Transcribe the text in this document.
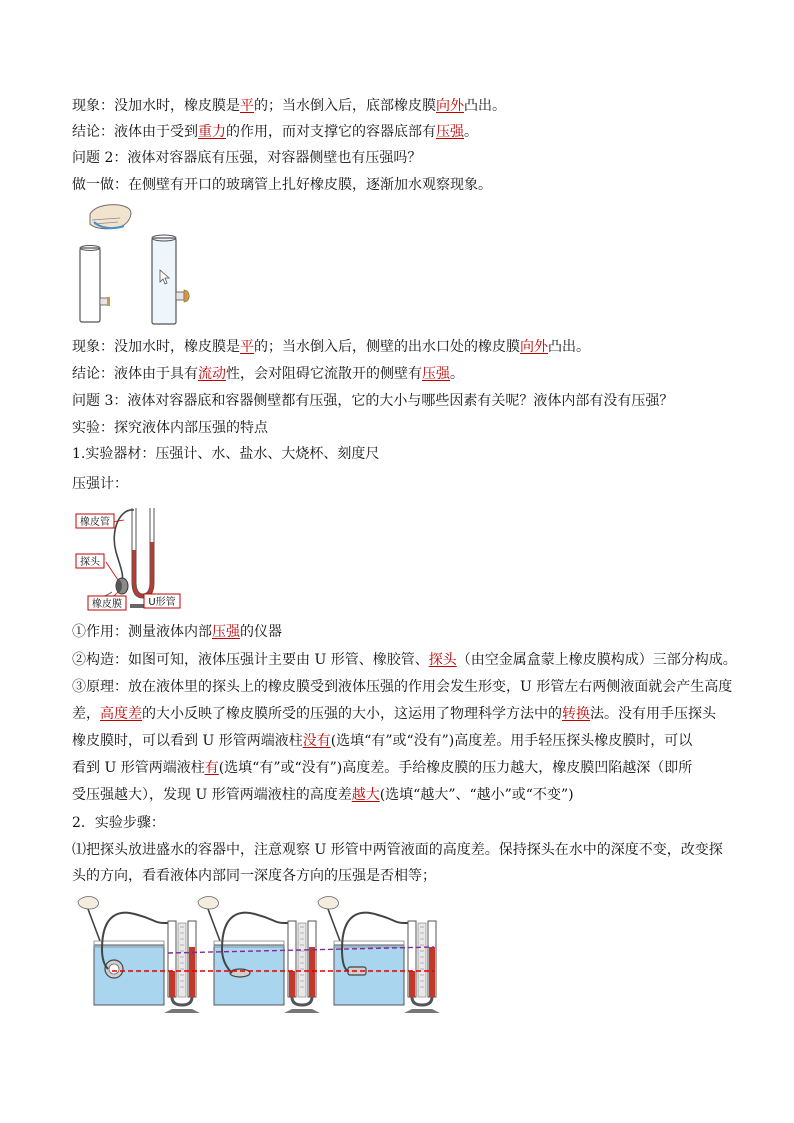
现象：没加水时，橡皮膜是平的；当水倒入后，底部橡皮膜向外凸出。
结论：液体由于受到重力的作用，而对支撑它的容器底部有压强。
问题 2：液体对容器底有压强，对容器侧壁也有压强吗？
做一做：在侧壁有开口的玻璃管上扎好橡皮膜，逐渐加水观察现象。
现象：没加水时，橡皮膜是平的；当水倒入后，侧壁的出水口处的橡皮膜向外凸出。
结论：液体由于具有流动性，会对阻碍它流散开的侧壁有压强。
问题 3：液体对容器底和容器侧壁都有压强，它的大小与哪些因素有关呢？液体内部有没有压强？
实验：探究液体内部压强的特点
1.实验器材：压强计、水、盐水、大烧杯、刻度尺
压强计：
橡皮管
探头
橡皮膜	U形管
①作用：测量液体内部压强的仪器
②构造：如图可知，液体压强计主要由 U 形管、橡胶管、探头（由空金属盒蒙上橡皮膜构成）三部分构成。
③原理：放在液体里的探头上的橡皮膜受到液体压强的作用会发生形变，U 形管左右两侧液面就会产生高度
差，高度差的大小反映了橡皮膜所受的压强的大小，这运用了物理科学方法中的转换法。没有用手压探头
橡皮膜时，可以看到 U 形管两端液柱没有(选填“有”或“没有”)高度差。用手轻压探头橡皮膜时，可以
看到 U 形管两端液柱有(选填“有”或“没有”)高度差。手给橡皮膜的压力越大，橡皮膜凹陷越深（即所
受压强越大），发现 U 形管两端液柱的高度差越大(选填“越大”、“越小”或“不变”)
2．实验步骤：
⑴把探头放进盛水的容器中，注意观察 U 形管中两管液面的高度差。保持探头在水中的深度不变，改变探
头的方向，看看液体内部同一深度各方向的压强是否相等；
